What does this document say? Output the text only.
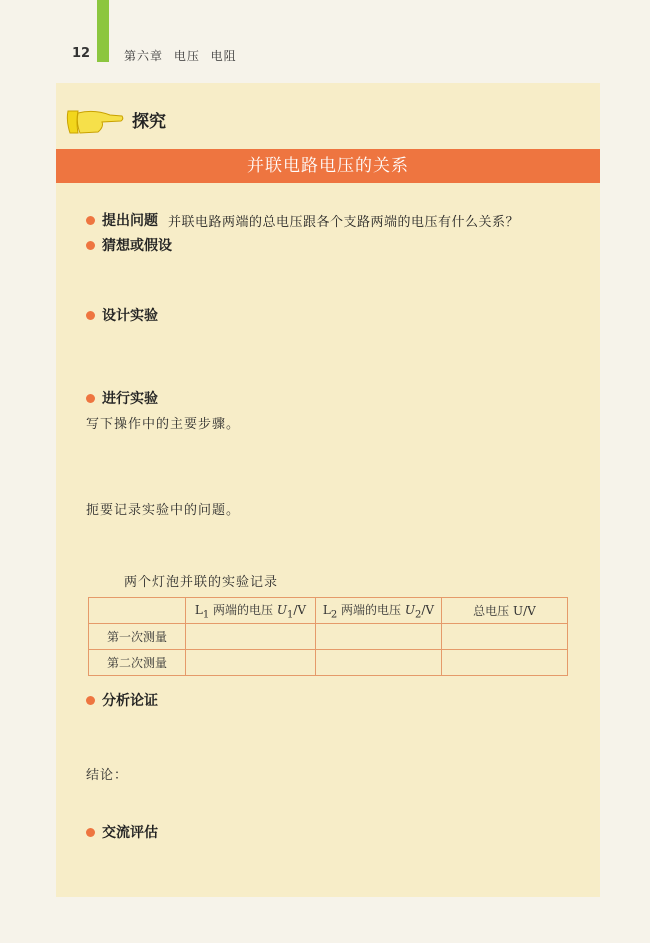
12	第六章 电压 电阻
探究
并联电路电压的关系
提出问题 并联电路两端的总电压跟各个支路两端的电压有什么关系？
猜想或假设
设计实验
进行实验
写下操作中的主要步骤。
扼要记录实验中的问题。
两个灯泡并联的实验记录
	$L_1$ 两端的电压 $U_1/V$	$L_2$ 两端的电压 $U_2/V$	总电压 U/V
第一次测量			
第二次测量			
分析论证
结论：
交流评估
